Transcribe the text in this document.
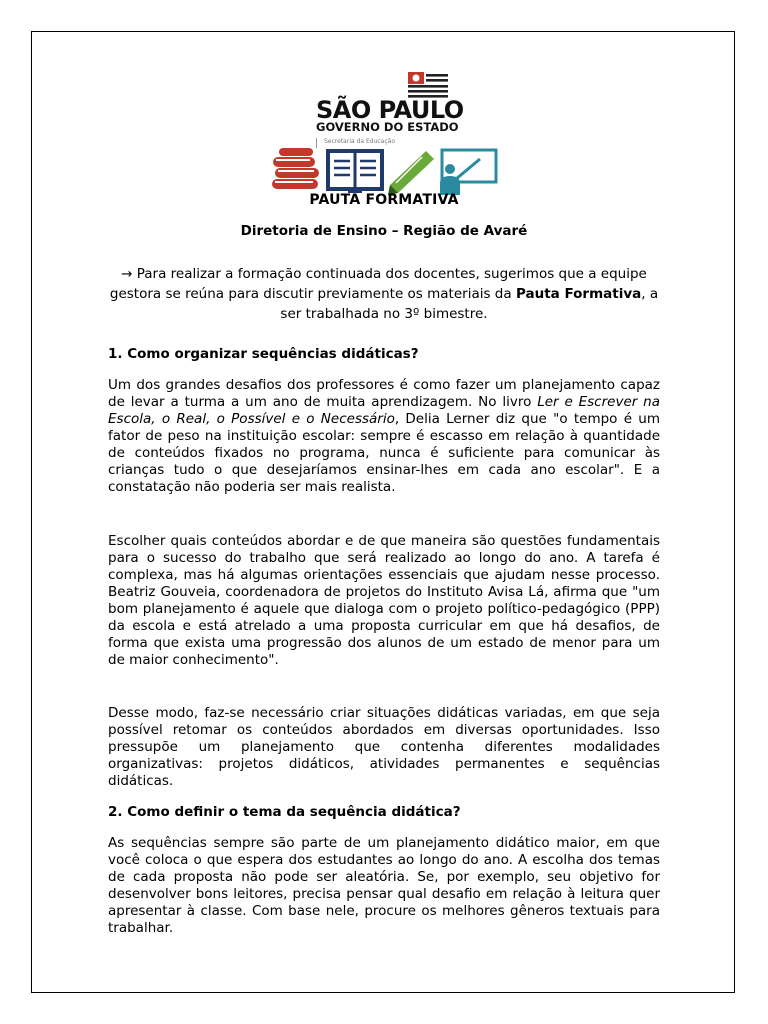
SÃO PAULO
GOVERNO DO ESTADO
Secretaria da Educação
PAUTA FORMATIVA
Diretoria de Ensino – Região de Avaré
→ Para realizar a formação continuada dos docentes, sugerimos que a equipe gestora se reúna para discutir previamente os materiais da Pauta Formativa, a ser trabalhada no 3º bimestre.
1. Como organizar sequências didáticas?
Um dos grandes desafios dos professores é como fazer um planejamento capaz de levar a turma a um ano de muita aprendizagem. No livro Ler e Escrever na Escola, o Real, o Possível e o Necessário, Delia Lerner diz que "o tempo é um fator de peso na instituição escolar: sempre é escasso em relação à quantidade de conteúdos fixados no programa, nunca é suficiente para comunicar às crianças tudo o que desejaríamos ensinar-lhes em cada ano escolar". E a constatação não poderia ser mais realista.
Escolher quais conteúdos abordar e de que maneira são questões fundamentais para o sucesso do trabalho que será realizado ao longo do ano. A tarefa é complexa, mas há algumas orientações essenciais que ajudam nesse processo. Beatriz Gouveia, coordenadora de projetos do Instituto Avisa Lá, afirma que "um bom planejamento é aquele que dialoga com o projeto político-pedagógico (PPP) da escola e está atrelado a uma proposta curricular em que há desafios, de forma que exista uma progressão dos alunos de um estado de menor para um de maior conhecimento".
Desse modo, faz-se necessário criar situações didáticas variadas, em que seja possível retomar os conteúdos abordados em diversas oportunidades. Isso pressupõe um planejamento que contenha diferentes modalidades organizativas: projetos didáticos, atividades permanentes e sequências didáticas.
2. Como definir o tema da sequência didática?
As sequências sempre são parte de um planejamento didático maior, em que você coloca o que espera dos estudantes ao longo do ano. A escolha dos temas de cada proposta não pode ser aleatória. Se, por exemplo, seu objetivo for desenvolver bons leitores, precisa pensar qual desafio em relação à leitura quer apresentar à classe. Com base nele, procure os melhores gêneros textuais para trabalhar.
